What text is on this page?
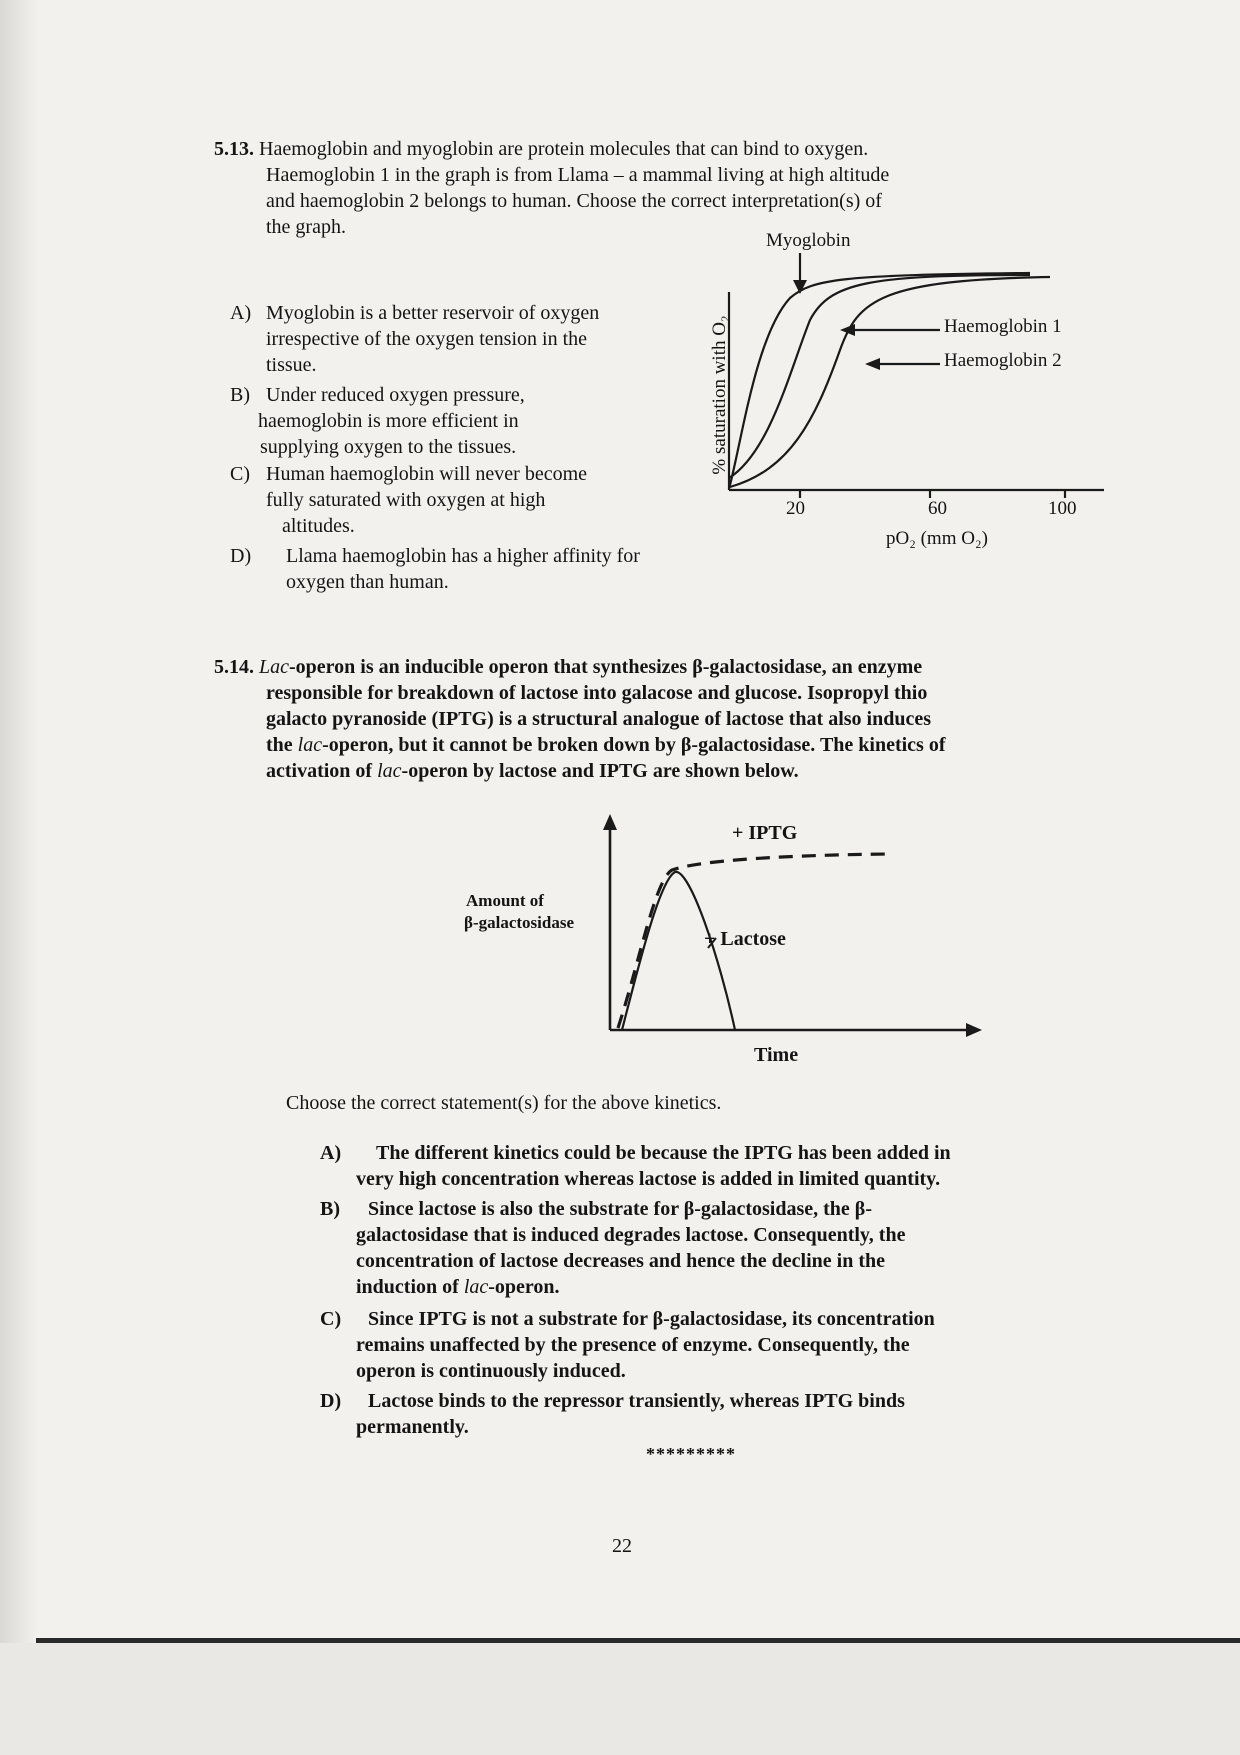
5.13. Haemoglobin and myoglobin are protein molecules that can bind to oxygen.
Haemoglobin 1 in the graph is from Llama – a mammal living at high altitude
and haemoglobin 2 belongs to human. Choose the correct interpretation(s) of
the graph.
A) Myoglobin is a better reservoir of oxygen
irrespective of the oxygen tension in the
tissue.
B) Under reduced oxygen pressure,
haemoglobin is more efficient in
supplying oxygen to the tissues.
C) Human haemoglobin will never become
fully saturated with oxygen at high
altitudes.
D) Llama haemoglobin has a higher affinity for
oxygen than human.
Myoglobin
Haemoglobin 1
Haemoglobin 2
% saturation with O₂
20	60	100
pO₂ (mm O₂)
5.14. Lac-operon is an inducible operon that synthesizes β-galactosidase, an enzyme
responsible for breakdown of lactose into galacose and glucose. Isopropyl thio
galacto pyranoside (IPTG) is a structural analogue of lactose that also induces
the lac-operon, but it cannot be broken down by β-galactosidase. The kinetics of
activation of lac-operon by lactose and IPTG are shown below.
+ IPTG
Amount of
β-galactosidase
+ Lactose
Time
Choose the correct statement(s) for the above kinetics.
A)	The different kinetics could be because the IPTG has been added in
very high concentration whereas lactose is added in limited quantity.
B)	Since lactose is also the substrate for β-galactosidase, the β-
galactosidase that is induced degrades lactose. Consequently, the
concentration of lactose decreases and hence the decline in the
induction of lac-operon.
C)	Since IPTG is not a substrate for β-galactosidase, its concentration
remains unaffected by the presence of enzyme. Consequently, the
operon is continuously induced.
D)	Lactose binds to the repressor transiently, whereas IPTG binds
permanently.
*********
22
